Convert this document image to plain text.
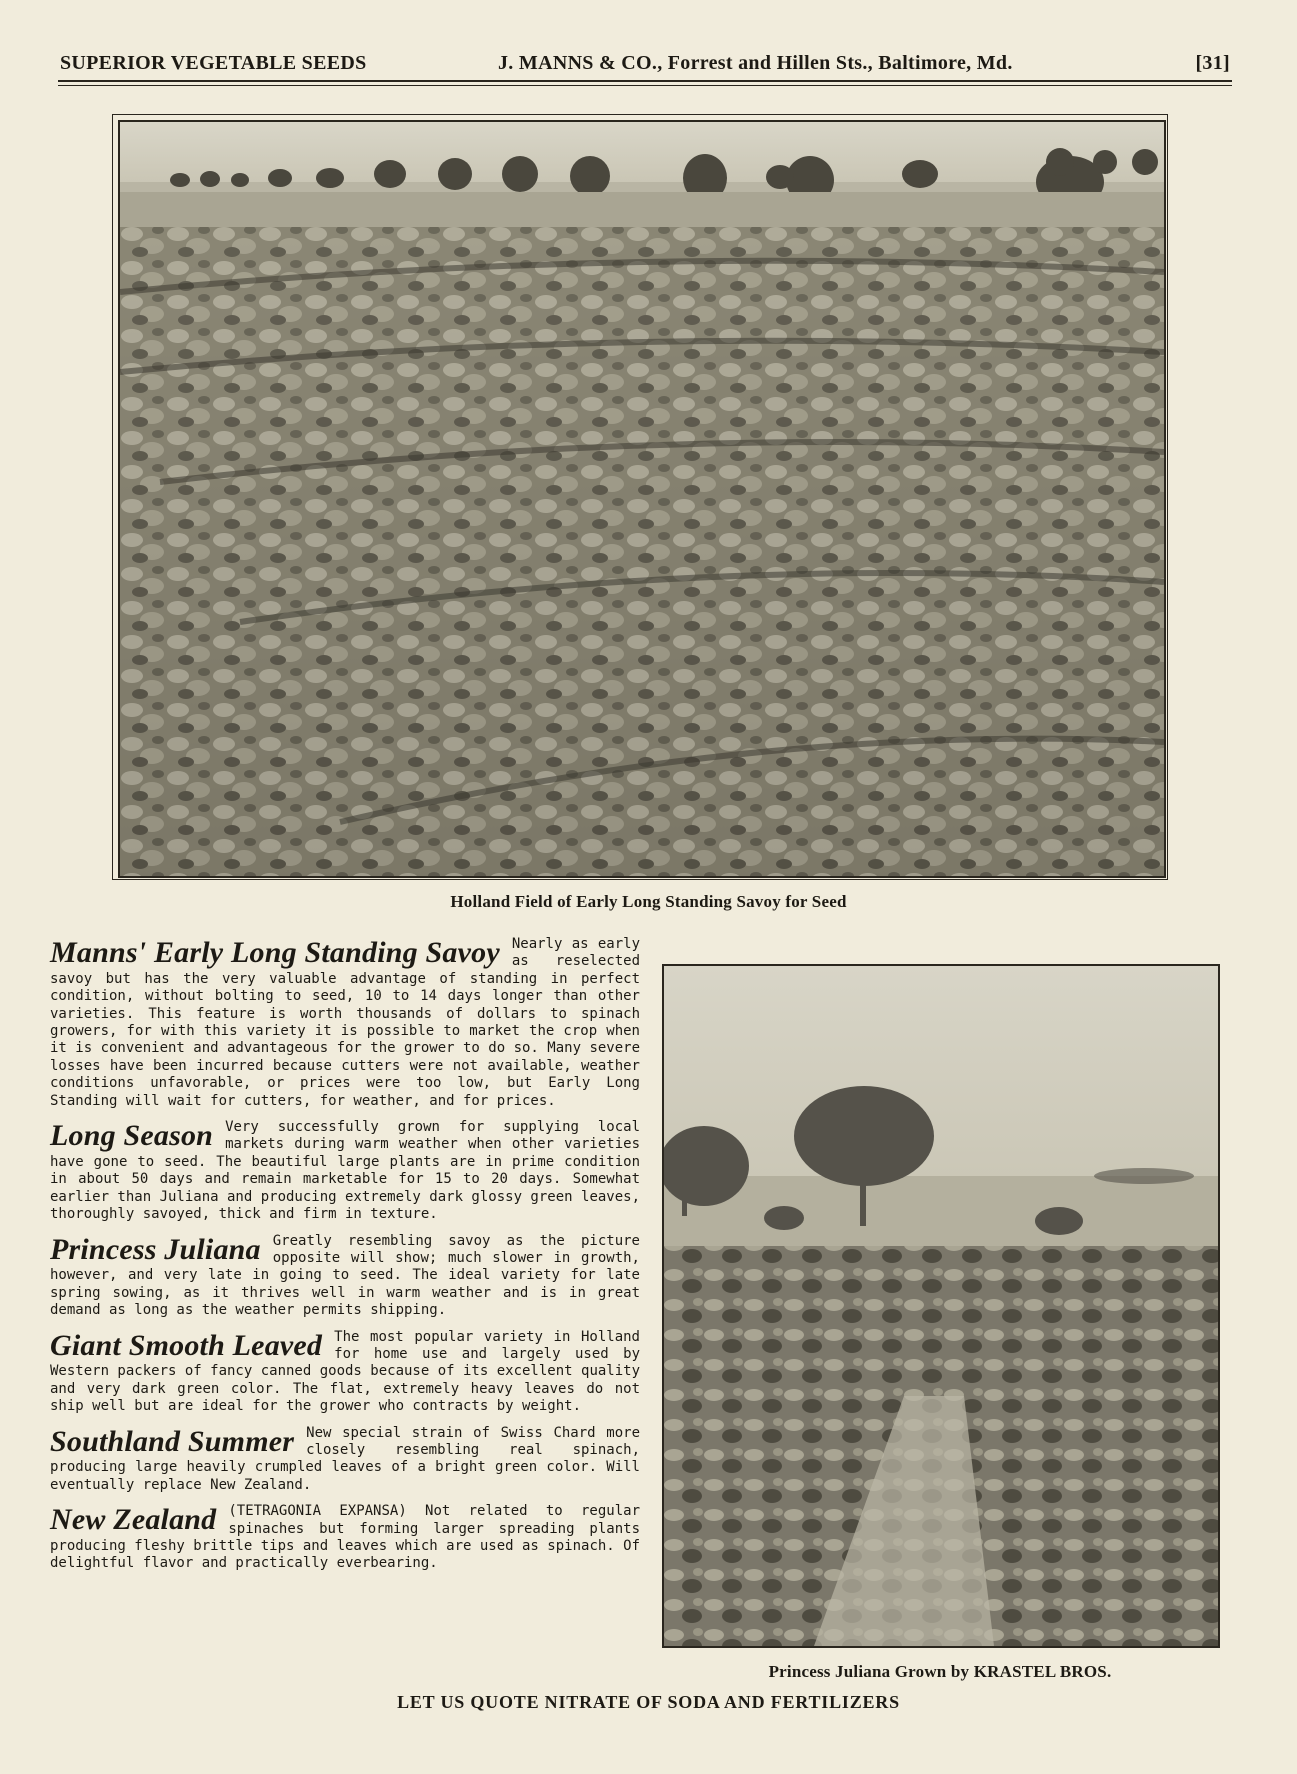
SUPERIOR VEGETABLE SEEDS	J. MANNS & CO., Forrest and Hillen Sts., Baltimore, Md.	[31]
Holland Field of Early Long Standing Savoy for Seed
Manns' Early Long Standing Savoy Nearly as early as reselected savoy but has the very valuable advantage of standing in perfect condition, without bolting to seed, 10 to 14 days longer than other varieties. This feature is worth thousands of dollars to spinach growers, for with this variety it is possible to market the crop when it is convenient and advantageous for the grower to do so. Many severe losses have been incurred because cutters were not available, weather conditions unfavorable, or prices were too low, but Early Long Standing will wait for cutters, for weather, and for prices.
Long Season Very successfully grown for supplying local markets during warm weather when other varieties have gone to seed. The beautiful large plants are in prime condition in about 50 days and remain marketable for 15 to 20 days. Somewhat earlier than Juliana and producing extremely dark glossy green leaves, thoroughly savoyed, thick and firm in texture.
Princess Juliana Greatly resembling savoy as the picture opposite will show; much slower in growth, however, and very late in going to seed. The ideal variety for late spring sowing, as it thrives well in warm weather and is in great demand as long as the weather permits shipping.
Giant Smooth Leaved The most popular variety in Holland for home use and largely used by Western packers of fancy canned goods because of its excellent quality and very dark green color. The flat, extremely heavy leaves do not ship well but are ideal for the grower who contracts by weight.
Southland Summer New special strain of Swiss Chard more closely resembling real spinach, producing large heavily crumpled leaves of a bright green color. Will eventually replace New Zealand.
New Zealand (TETRAGONIA EXPANSA) Not related to regular spinaches but forming larger spreading plants producing fleshy brittle tips and leaves which are used as spinach. Of delightful flavor and practically everbearing.
Princess Juliana Grown by KRASTEL BROS.
LET US QUOTE NITRATE OF SODA AND FERTILIZERS
